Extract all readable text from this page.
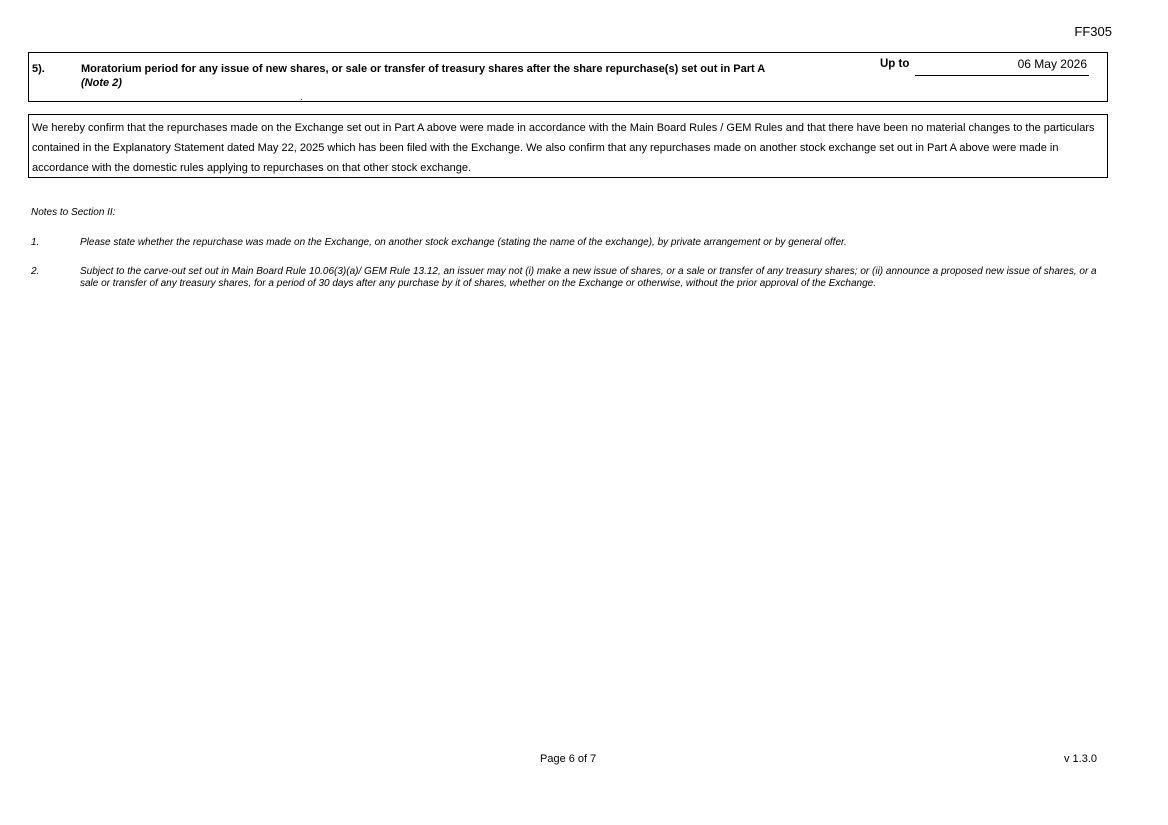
FF305
5).	Moratorium period for any issue of new shares, or sale or transfer of treasury shares after the share repurchase(s) set out in Part A
(Note 2)
Up to	06 May 2026
We hereby confirm that the repurchases made on the Exchange set out in Part A above were made in accordance with the Main Board Rules / GEM Rules and that there have been no material changes to the particulars contained in the Explanatory Statement dated May 22, 2025 which has been filed with the Exchange. We also confirm that any repurchases made on another stock exchange set out in Part A above were made in accordance with the domestic rules applying to repurchases on that other stock exchange.
Notes to Section II:
1.	Please state whether the repurchase was made on the Exchange, on another stock exchange (stating the name of the exchange), by private arrangement or by general offer.
2.	Subject to the carve-out set out in Main Board Rule 10.06(3)(a)/ GEM Rule 13.12, an issuer may not (i) make a new issue of shares, or a sale or transfer of any treasury shares; or (ii) announce a proposed new issue of shares, or a sale or transfer of any treasury shares, for a period of 30 days after any purchase by it of shares, whether on the Exchange or otherwise, without the prior approval of the Exchange.
Page 6 of 7	v 1.3.0
